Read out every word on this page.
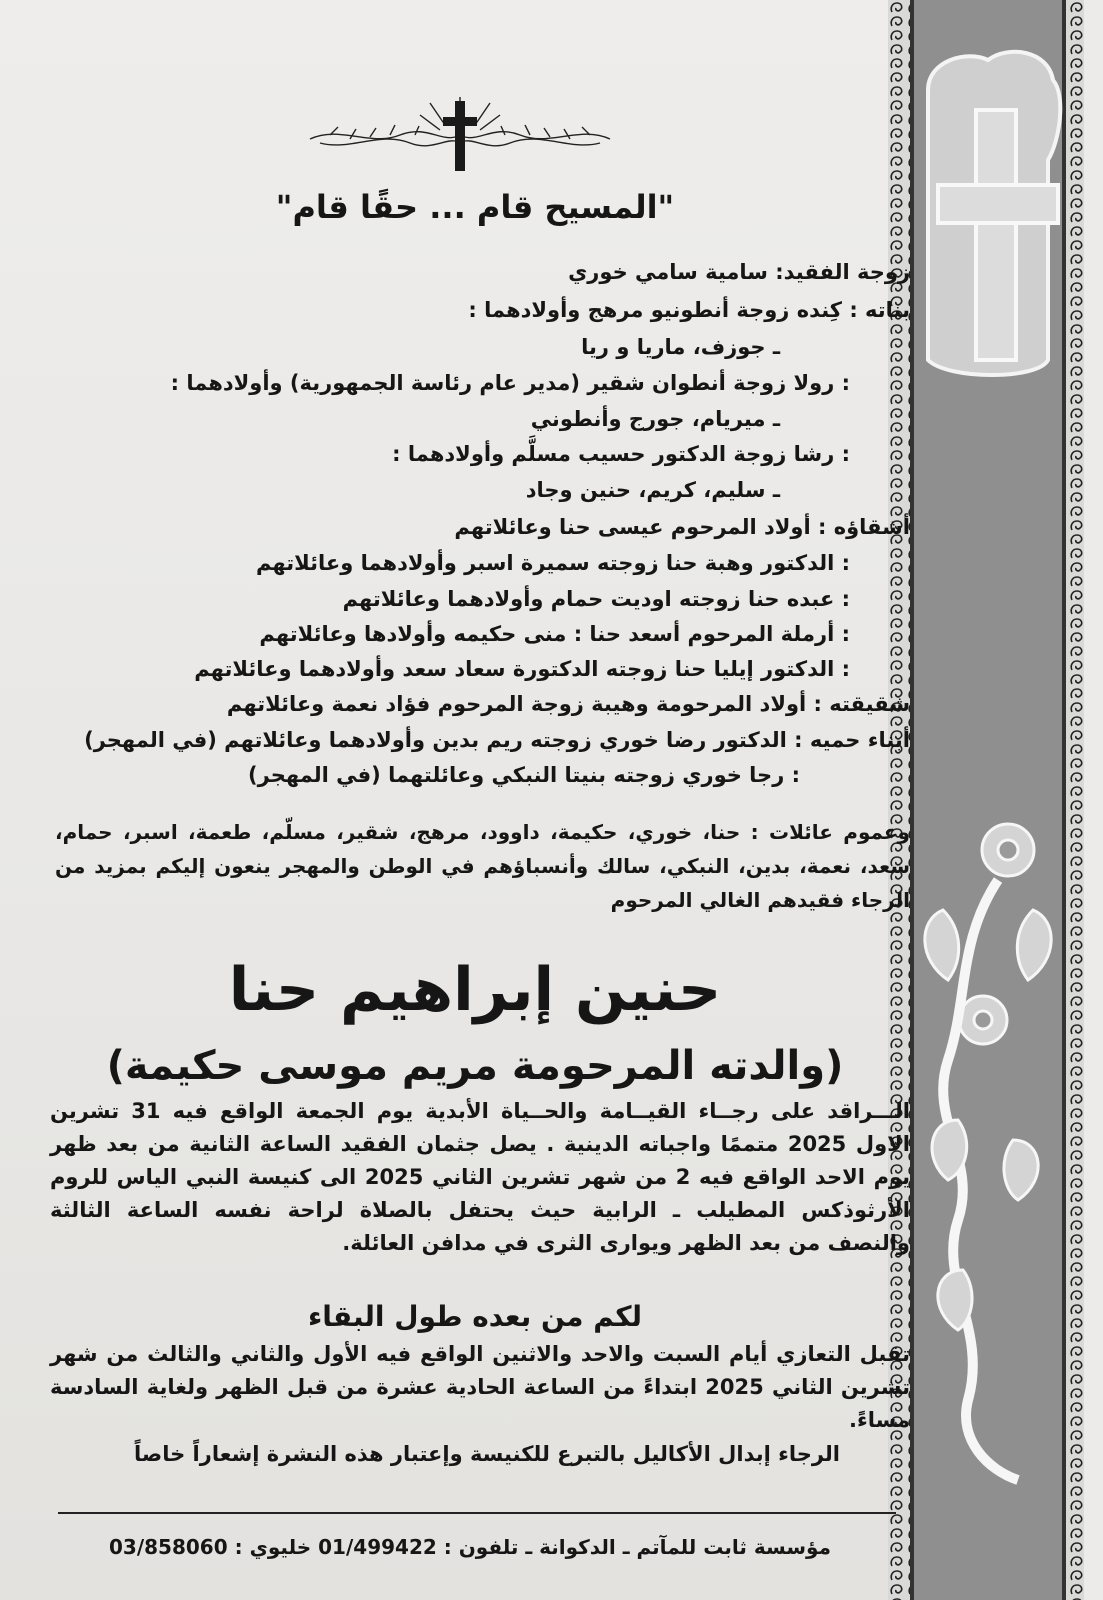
"المسيح قام ... حقًا قام"
زوجة الفقيد: سامية سامي خوري
بناته : كِنده زوجة أنطونيو مرهج وأولادهما :
ـ جوزف، ماريا و ريا
: رولا زوجة أنطوان شقير (مدير عام رئاسة الجمهورية) وأولادهما :
ـ ميريام، جورج وأنطوني
: رشا زوجة الدكتور حسيب مسلَّم وأولادهما :
ـ سليم، كريم، حنين وجاد
أشقاؤه : أولاد المرحوم عيسى حنا وعائلاتهم
: الدكتور وهبة حنا زوجته سميرة اسبر وأولادهما وعائلاتهم
: عبده حنا زوجته اوديت حمام وأولادهما وعائلاتهم
: أرملة المرحوم أسعد حنا : منى حكيمه وأولادها وعائلاتهم
: الدكتور إيليا حنا زوجته الدكتورة سعاد سعد وأولادهما وعائلاتهم
شقيقته : أولاد المرحومة وهيبة زوجة المرحوم فؤاد نعمة وعائلاتهم
أبناء حميه : الدكتور رضا خوري زوجته ريم بدين وأولادهما وعائلاتهم (في المهجر)
: رجا خوري زوجته بنيتا النبكي وعائلتهما (في المهجر)
وعموم عائلات : حنا، خوري، حكيمة، داوود، مرهج، شقير، مسلّم، طعمة، اسبر، حمام، سعد، نعمة، بدين، النبكي، سالك وأنسباؤهم في الوطن والمهجر ينعون إليكم بمزيد من الرجاء فقيدهم الغالي المرحوم
حنين إبراهيم حنا
(والدته المرحومة مريم موسى حكيمة)
الـــراقد على رجــاء القيــامة والحــياة الأبدية يوم الجمعة الواقع فيه 31 تشرين الاول 2025 متممًا واجباته الدينية . يصل جثمان الفقيد الساعة الثانية من بعد ظهر يوم الاحد الواقع فيه 2 من شهر تشرين الثاني 2025 الى كنيسة النبي الياس للروم الأرثوذكس المطيلب ـ الرابية حيث يحتفل بالصلاة لراحة نفسه الساعة الثالثة والنصف من بعد الظهر ويوارى الثرى في مدافن العائلة.
لكم من بعده طول البقاء
تقبل التعازي أيام السبت والاحد والاثنين الواقع فيه الأول والثاني والثالث من شهر تشرين الثاني 2025 ابتداءً من الساعة الحادية عشرة من قبل الظهر ولغاية السادسة مساءً.
الرجاء إبدال الأكاليل بالتبرع للكنيسة وإعتبار هذه النشرة إشعاراً خاصاً
مؤسسة ثابت للمآتم ـ الدكوانة ـ تلفون : 01/499422 خليوي : 03/858060
